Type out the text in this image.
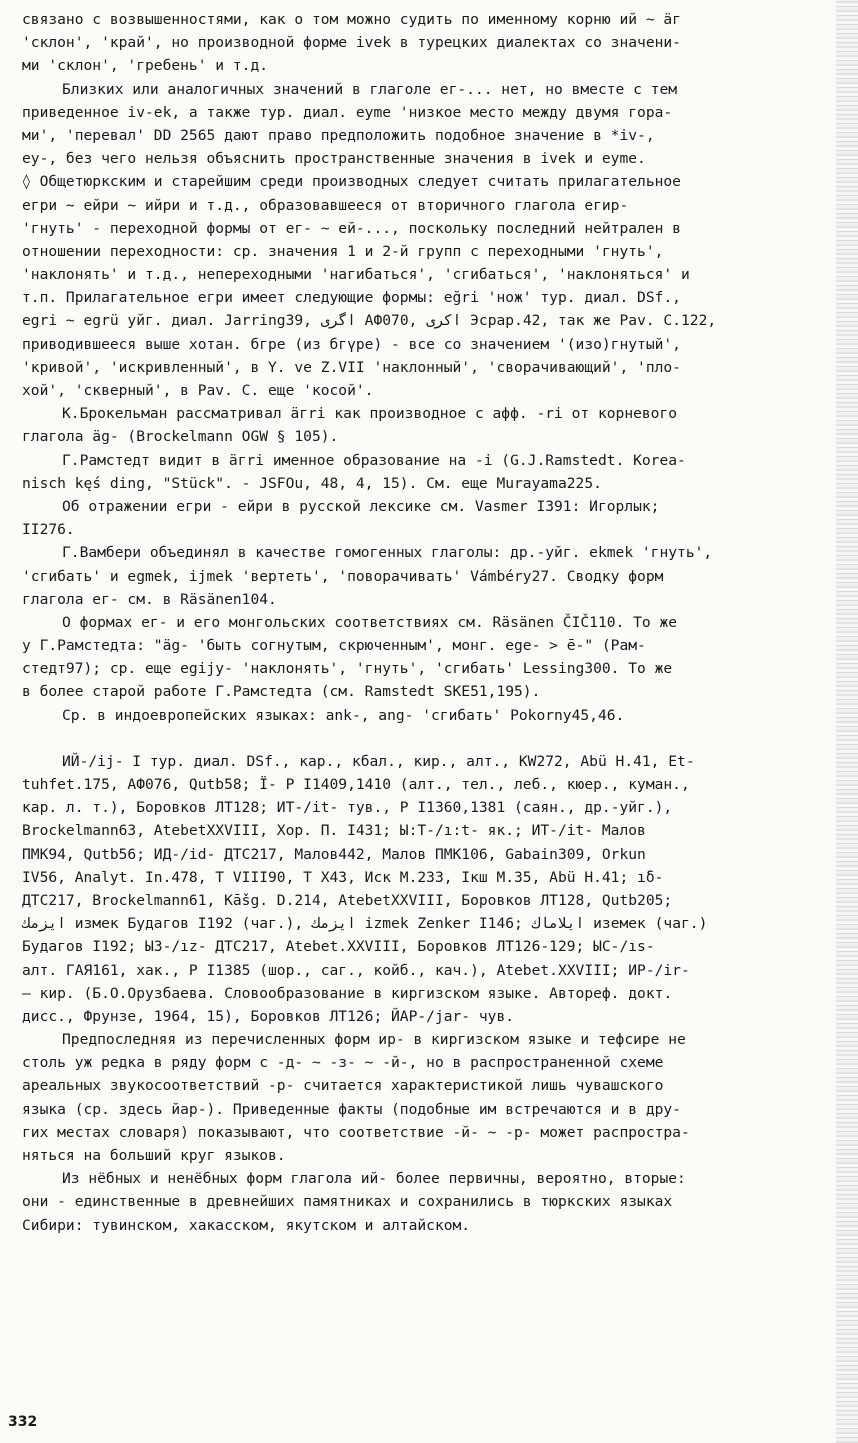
связано с возвышенностями, как о том можно судить по именному корню ий ~ äг
'склон', 'край', но производной форме ivek в турецких диалектах со значени-
ми 'склон', 'гребень' и т.д.
Близких или аналогичных значений в глаголе ег-... нет, но вместе с тем
приведенное iv-ek, а также тур. диал. eyme 'низкое место между двумя гора-
ми', 'перевал' DD 2565 дают право предположить подобное значение в *iv-,
ey-, без чего нельзя объяснить пространственные значения в ivek и eyme.
◊ Общетюркским и старейшим среди производных следует считать прилагательное
егри ~ ейри ~ ийри и т.д., образовавшееся от вторичного глагола егир-
'гнуть' - переходной формы от ег- ~ ей-..., поскольку последний нейтрален в
отношении переходности: ср. значения 1 и 2-й групп с переходными 'гнуть',
'наклонять' и т.д., непереходными 'нагибаться', 'сгибаться', 'наклоняться' и
т.п. Прилагательное егри имеет следующие формы: eğri 'нож' тур. диал. DSf.,
egri ~ egrü уйг. диал. Jarring39, اگری АФ070, اکری Эсрар.42, так же Pav. C.122,
приводившееся выше хотан. бгре (из бгүре) - все со значением '(изо)гнутый',
'кривой', 'искривленный', в Y. ve Z.VII 'наклонный', 'сворачивающий', 'пло-
хой', 'скверный', в Pav. C. еще 'косой'.
К.Брокельман рассматривал äгri как производное с афф. -ri от корневого
глагола äg- (Brockelmann OGW § 105).
Г.Рамстедт видит в äгri именное образование на -i (G.J.Ramstedt. Korea-
nisch kęś ding, "Stück". - JSFOu, 48, 4, 15). См. еще Murayama225.
Об отражении егри - ейри в русской лексике см. Vasmer I391: Игорлык;
II276.
Г.Вамбери объединял в качестве гомогенных глаголы: др.-уйг. ekmek 'гнуть',
'сгибать' и egmek, ijmek 'вертеть', 'поворачивать' Vámbéry27. Сводку форм
глагола ег- см. в Räsänen104.
О формах ег- и его монгольских соответствиях см. Räsänen ČIČ110. То же
у Г.Рамстедта: "äg- 'быть согнутым, скрюченным', монг. ege- > ē-" (Рам-
стедт97); ср. еще egijy- 'наклонять', 'гнуть', 'сгибать' Lessing300. То же
в более старой работе Г.Рамстедта (см. Ramstedt SKE51,195).
Ср. в индоевропейских языках: ank-, ang- 'сгибать' Pokorny45,46.
ИЙ-/ij- I тур. диал. DSf., кар., кбал., кир., алт., KW272, Abü H.41, Et-
tuhfet.175, АФ076, Qutb58; Ï- P I1409,1410 (алт., тел., леб., кюер., куман.,
кар. л. т.), Боровков ЛТ128; ИТ-/it- тув., P I1360,1381 (саян., др.-уйг.),
Brockelmann63, AtebetXXVIII, Хор. П. I431; Ы:Т-/ı:t- як.; ИТ-/it- Малов
ПМК94, Qutb56; ИД-/id- ДТС217, Малов442, Малов ПМК106, Gabain309, Orkun
IV56, Analyt. In.478, T VIII90, T X43, Иск М.233, Iкш М.35, Abü H.41; ıδ-
ДТС217, Brockelmann61, Kāšg. D.214, AtebetXXVIII, Боровков ЛТ128, Qutb205;
ايزمك измек Будагов I192 (чаг.), ايزمك izmek Zenker I146; ايلاماك иземек (чаг.)
Будагов I192; ЫЗ-/ız- ДТС217, Atebet.XXVIII, Боровков ЛТ126-129; ЫС-/ıs-
алт. ГАЯ161, хак., P I1385 (шор., саг., койб., кач.), Atebet.XXVIII; ИР-/ir-
— кир. (Б.О.Орузбаева. Словообразование в киргизском языке. Автореф. докт.
дисс., Фрунзе, 1964, 15), Боровков ЛТ126; ЙАР-/jar- чув.
Предпоследняя из перечисленных форм ир- в киргизском языке и тефсире не
столь уж редка в ряду форм с -д- ~ -з- ~ -й-, но в распространенной схеме
ареальных звукосоответствий -р- считается характеристикой лишь чувашского
языка (ср. здесь йар-). Приведенные факты (подобные им встречаются и в дру-
гих местах словаря) показывают, что соответствие -й- ~ -р- может распростра-
няться на больший круг языков.
Из нёбных и ненёбных форм глагола ий- более первичны, вероятно, вторые:
они - единственные в древнейших памятниках и сохранились в тюркских языках
Сибири: тувинском, хакасском, якутском и алтайском.
332
